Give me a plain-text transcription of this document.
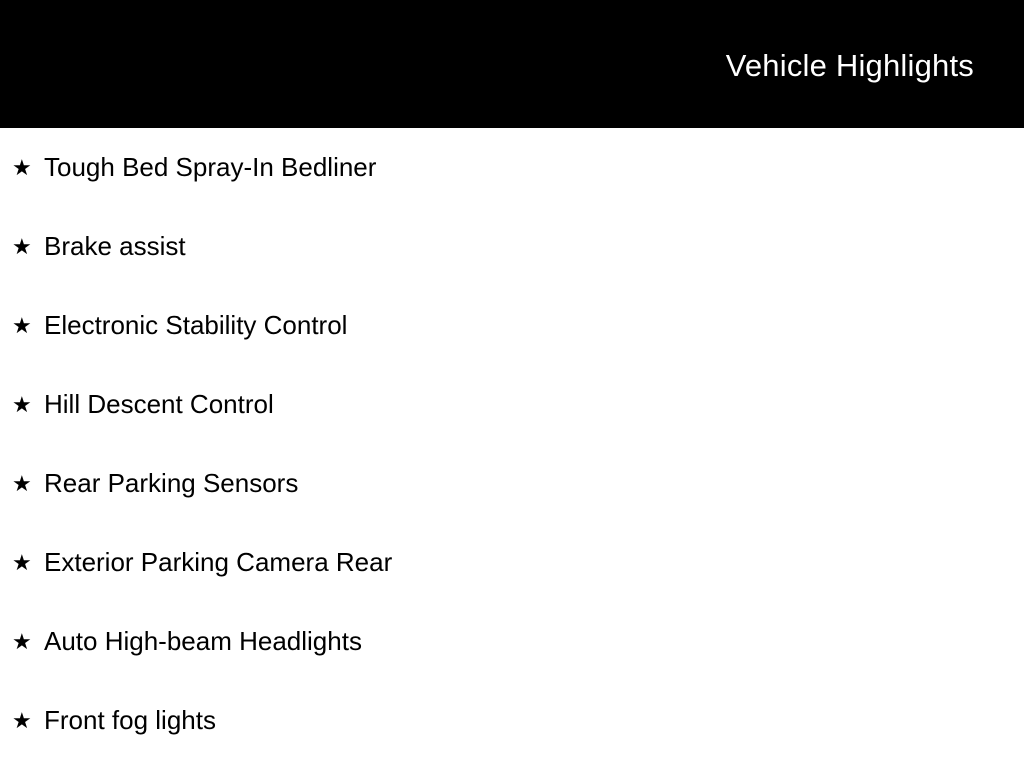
Vehicle Highlights
★ Tough Bed Spray-In Bedliner
★ Brake assist
★ Electronic Stability Control
★ Hill Descent Control
★ Rear Parking Sensors
★ Exterior Parking Camera Rear
★ Auto High-beam Headlights
★ Front fog lights
